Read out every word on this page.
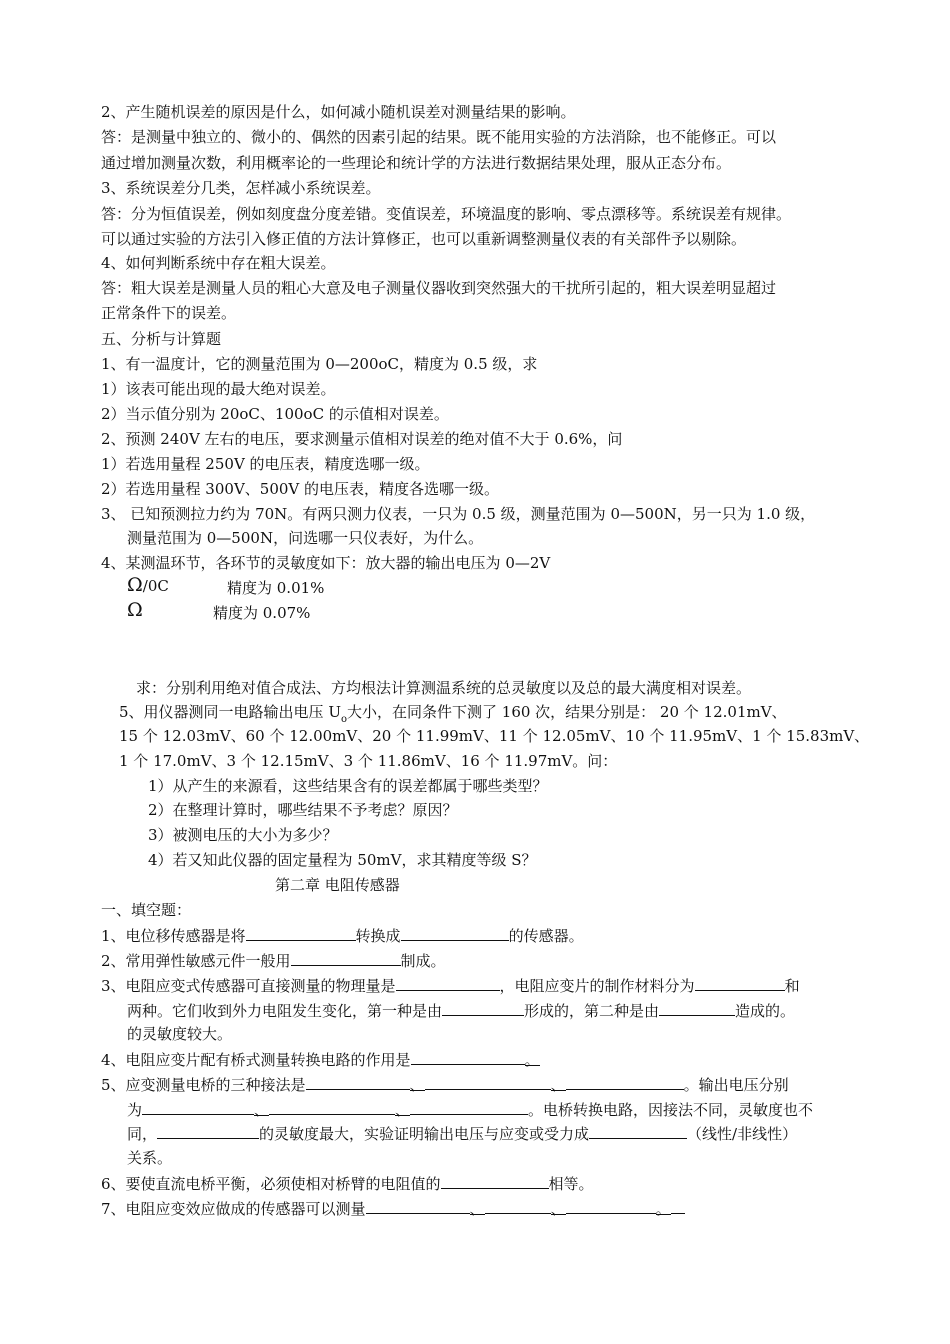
2、产生随机误差的原因是什么，如何减小随机误差对测量结果的影响。
答：是测量中独立的、微小的、偶然的因素引起的结果。既不能用实验的方法消除，也不能修正。可以
通过增加测量次数，利用概率论的一些理论和统计学的方法进行数据结果处理，服从正态分布。
3、系统误差分几类，怎样减小系统误差。
答：分为恒值误差，例如刻度盘分度差错。变值误差，环境温度的影响、零点漂移等。系统误差有规律。
可以通过实验的方法引入修正值的方法计算修正，也可以重新调整测量仪表的有关部件予以剔除。
4、如何判断系统中存在粗大误差。
答：粗大误差是测量人员的粗心大意及电子测量仪器收到突然强大的干扰所引起的，粗大误差明显超过
正常条件下的误差。
五、分析与计算题
1、有一温度计，它的测量范围为 0—200oC，精度为 0.5 级，求
1）该表可能出现的最大绝对误差。
2）当示值分别为 20oC、100oC 的示值相对误差。
2、预测 240V 左右的电压，要求测量示值相对误差的绝对值不大于 0.6%，问
1）若选用量程 250V 的电压表，精度选哪一级。
2）若选用量程 300V、500V 的电压表，精度各选哪一级。
3、 已知预测拉力约为 70N。有两只测力仪表，一只为 0.5 级，测量范围为 0—500N，另一只为 1.0 级，
测量范围为 0—500N，问选哪一只仪表好，为什么。
4、某测温环节，各环节的灵敏度如下：放大器的输出电压为 0—2V
Ω/0C	精度为 0.01%
Ω	精度为 0.07%
求：分别利用绝对值合成法、方均根法计算测温系统的总灵敏度以及总的最大满度相对误差。
5、用仪器测同一电路输出电压 $U_o$大小，在同条件下测了 160 次，结果分别是： 20 个 12.01mV、
15 个 12.03mV、60 个 12.00mV、20 个 11.99mV、11 个 12.05mV、10 个 11.95mV、1 个 15.83mV、
1 个 17.0mV、3 个 12.15mV、3 个 11.86mV、16 个 11.97mV。问：
1）从产生的来源看，这些结果含有的误差都属于哪些类型？
2）在整理计算时，哪些结果不予考虑？原因？
3）被测电压的大小为多少？
4）若又知此仪器的固定量程为 50mV，求其精度等级 S？
第二章 电阻传感器
一、填空题：
1、电位移传感器是将	转换成	的传感器。
2、常用弹性敏感元件一般用	制成。
3、电阻应变式传感器可直接测量的物理量是	，电阻应变片的制作材料分为	和
两种。它们收到外力电阻发生变化，第一种是由	形成的，第二种是由	造成的。
的灵敏度较大。
4、电阻应变片配有桥式测量转换电路的作用是	。
5、应变测量电桥的三种接法是	、	、	。输出电压分别
为	、	、	。电桥转换电路，因接法不同，灵敏度也不
同，	的灵敏度最大，实验证明输出电压与应变或受力成	（线性/非线性）
关系。
6、要使直流电桥平衡，必须使相对桥臂的电阻值的	相等。
7、电阻应变效应做成的传感器可以测量	、	、	。
